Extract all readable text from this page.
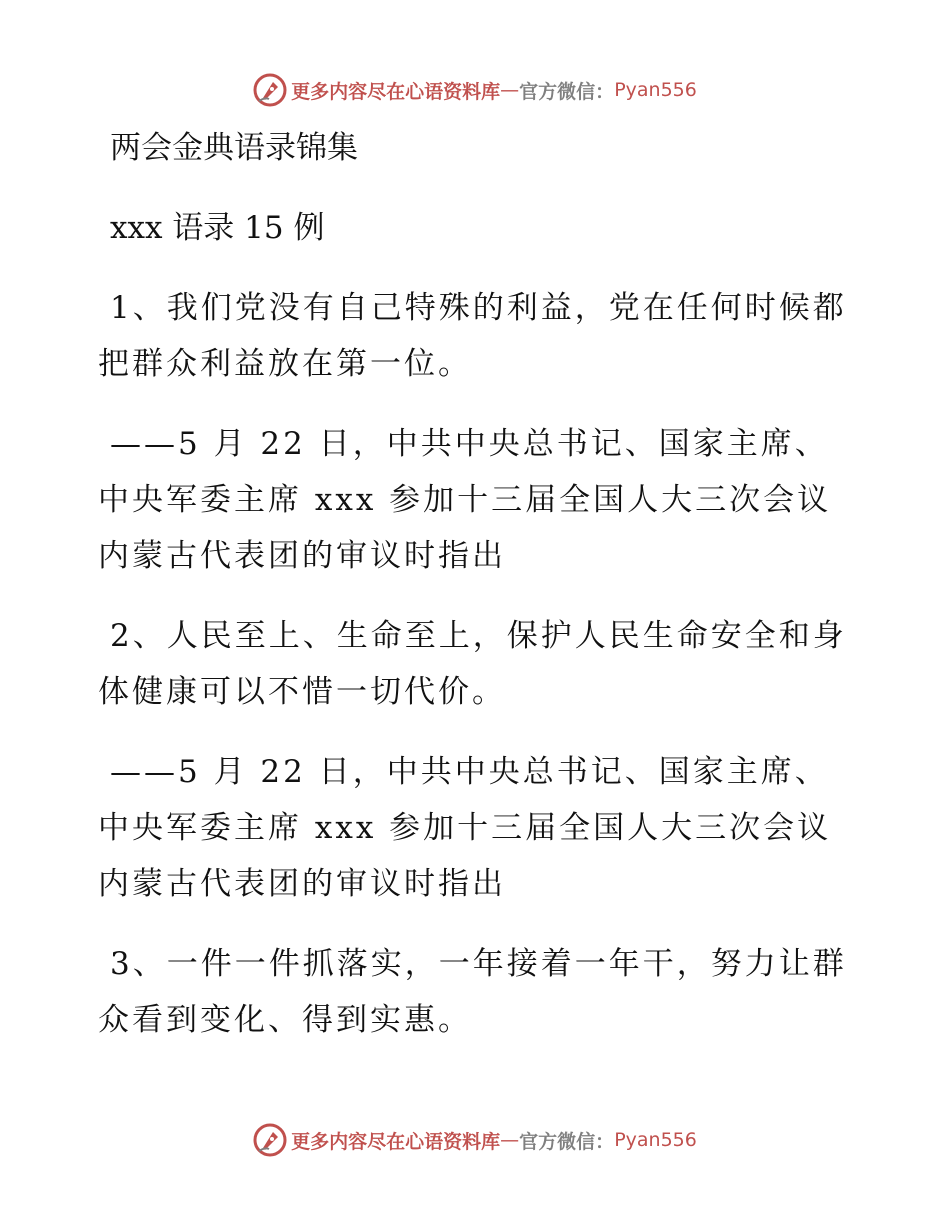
更多内容尽在心语资料库 — 官方微信： Pyan556
两会金典语录锦集
xxx 语录 15 例

1、我们党没有自己特殊的利益，党在任何时候都把群众利益放在第一位。

——5 月 22 日，中共中央总书记、国家主席、中央军委主席 xxx 参加十三届全国人大三次会议内蒙古代表团的审议时指出

2、人民至上、生命至上，保护人民生命安全和身体健康可以不惜一切代价。

——5 月 22 日，中共中央总书记、国家主席、中央军委主席 xxx 参加十三届全国人大三次会议内蒙古代表团的审议时指出

3、一件一件抓落实，一年接着一年干，努力让群众看到变化、得到实惠。

更多内容尽在心语资料库 — 官方微信： Pyan556
